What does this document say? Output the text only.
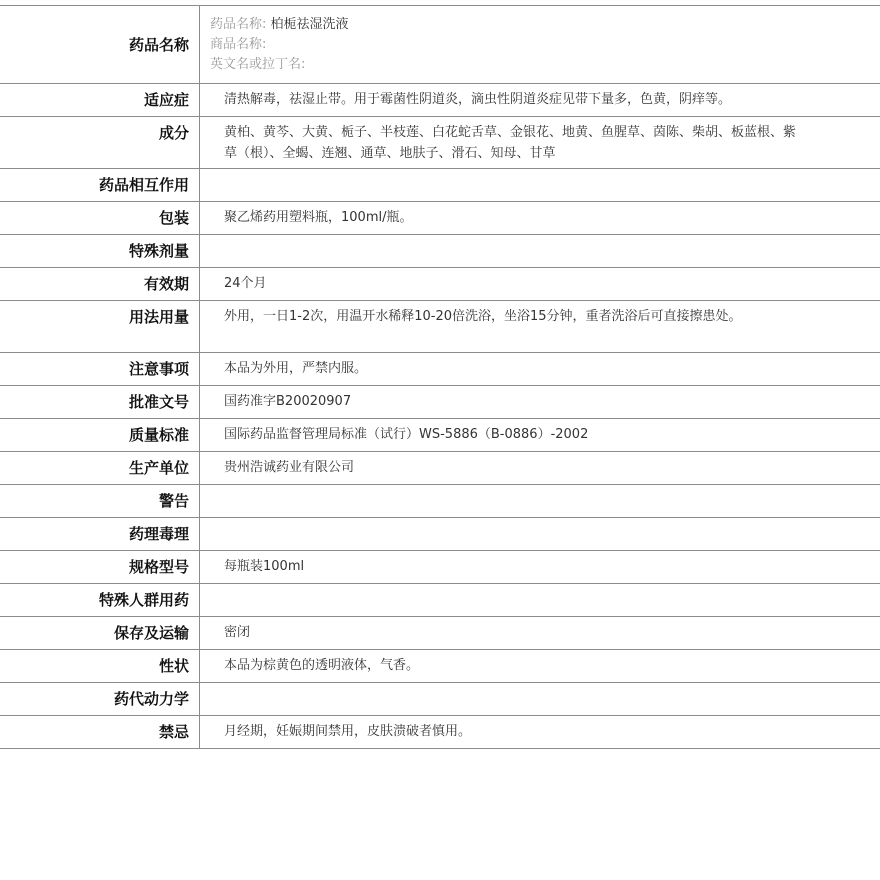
药品名称
药品名称: 柏栀祛湿洗液
商品名称:
英文名或拉丁名:
适应症	清热解毒，祛湿止带。用于霉菌性阴道炎，滴虫性阴道炎症见带下量多，色黄，阴痒等。
成分	黄柏、黄芩、大黄、栀子、半枝莲、白花蛇舌草、金银花、地黄、鱼腥草、茵陈、柴胡、板蓝根、紫草（根）、全蝎、连翘、通草、地肤子、滑石、知母、甘草
药品相互作用
包装	聚乙烯药用塑料瓶，100ml/瓶。
特殊剂量
有效期	24个月
用法用量	外用，一日1-2次，用温开水稀释10-20倍洗浴，坐浴15分钟，重者洗浴后可直接擦患处。
注意事项	本品为外用，严禁内服。
批准文号	国药准字B20020907
质量标准	国际药品监督管理局标准（试行）WS-5886（B-0886）-2002
生产单位	贵州浩诚药业有限公司
警告
药理毒理
规格型号	每瓶装100ml
特殊人群用药
保存及运输	密闭
性状	本品为棕黄色的透明液体，气香。
药代动力学
禁忌	月经期，妊娠期间禁用，皮肤溃破者慎用。
